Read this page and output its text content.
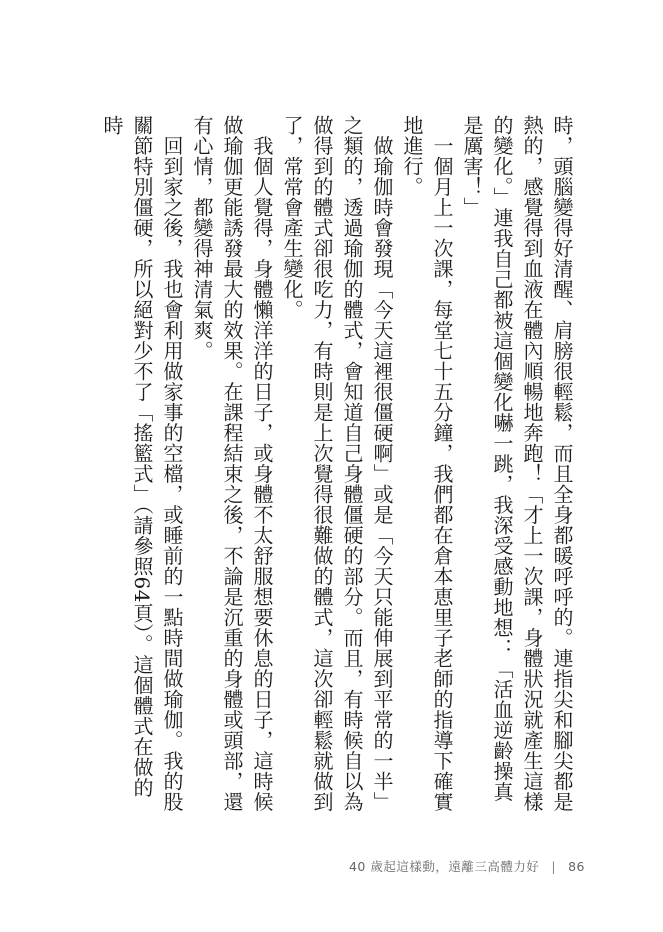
時，頭腦變得好清醒、肩膀很輕鬆，而且全身都暖呼呼的。連指尖和腳尖都是熱的，感覺得到血液在體內順暢地奔跑！「才上一次課，身體狀況就產生這樣的變化。」連我自己都被這個變化嚇一跳，我深受感動地想：「活血逆齡操真是厲害！」

　一個月上一次課，每堂七十五分鐘，我們都在倉本恵里子老師的指導下確實地進行。

　做瑜伽時會發現「今天這裡很僵硬啊」或是「今天只能伸展到平常的一半」之類的，透過瑜伽的體式，會知道自己身體僵硬的部分。而且，有時候自以為做得到的體式卻很吃力，有時則是上次覺得很難做的體式，這次卻輕鬆就做到了，常常會產生變化。

　我個人覺得，身體懶洋洋的日子，或身體不太舒服想要休息的日子，這時候做瑜伽更能誘發最大的效果。在課程結束之後，不論是沉重的身體或頭部，還有心情，都變得神清氣爽。

　回到家之後，我也會利用做家事的空檔，或睡前的一點時間做瑜伽。我的股關節特別僵硬，所以絕對少不了「搖籃式」（請參照64頁）。這個體式在做的時

40 歲起這樣動，遠離三高體力好 | 86
